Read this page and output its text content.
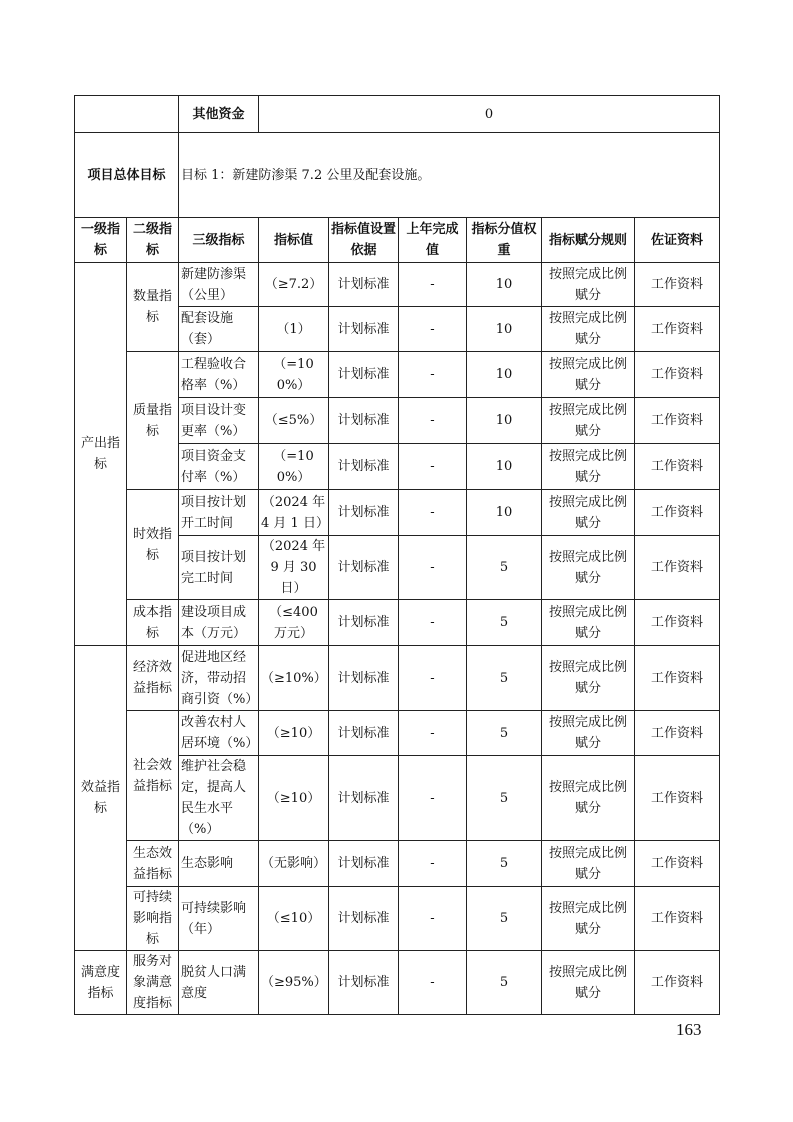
		其他资金	0					
项目总体目标		目标 1：新建防渗渠 7.2 公里及配套设施。						
一级指标	二级指标	三级指标	指标值	指标值设置依据	上年完成值	指标分值权重	指标赋分规则	佐证资料
产出指标	数量指标	新建防渗渠（公里）	（≥7.2）	计划标准	-	10	按照完成比例赋分	工作资料
		配套设施（套）	（1）	计划标准	-	10	按照完成比例赋分	工作资料
	质量指标	工程验收合格率（%）	（=100%）	计划标准	-	10	按照完成比例赋分	工作资料
		项目设计变更率（%）	（≤5%）	计划标准	-	10	按照完成比例赋分	工作资料
		项目资金支付率（%）	（=100%）	计划标准	-	10	按照完成比例赋分	工作资料
	时效指标	项目按计划开工时间	（2024 年 4 月 1 日）	计划标准	-	10	按照完成比例赋分	工作资料
		项目按计划完工时间	（2024 年 9 月 30 日）	计划标准	-	5	按照完成比例赋分	工作资料
	成本指标	建设项目成本（万元）	（≤400 万元）	计划标准	-	5	按照完成比例赋分	工作资料
效益指标	经济效益指标	促进地区经济，带动招商引资（%）	（≥10%）	计划标准	-	5	按照完成比例赋分	工作资料
	社会效益指标	改善农村人居环境（%）	（≥10）	计划标准	-	5	按照完成比例赋分	工作资料
		维护社会稳定，提高人民生水平（%）	（≥10）	计划标准	-	5	按照完成比例赋分	工作资料
	生态效益指标	生态影响	（无影响）	计划标准	-	5	按照完成比例赋分	工作资料
	可持续影响指标	可持续影响（年）	（≤10）	计划标准	-	5	按照完成比例赋分	工作资料
满意度指标	服务对象满意度指标	脱贫人口满意度	（≥95%）	计划标准	-	5	按照完成比例赋分	工作资料
163
